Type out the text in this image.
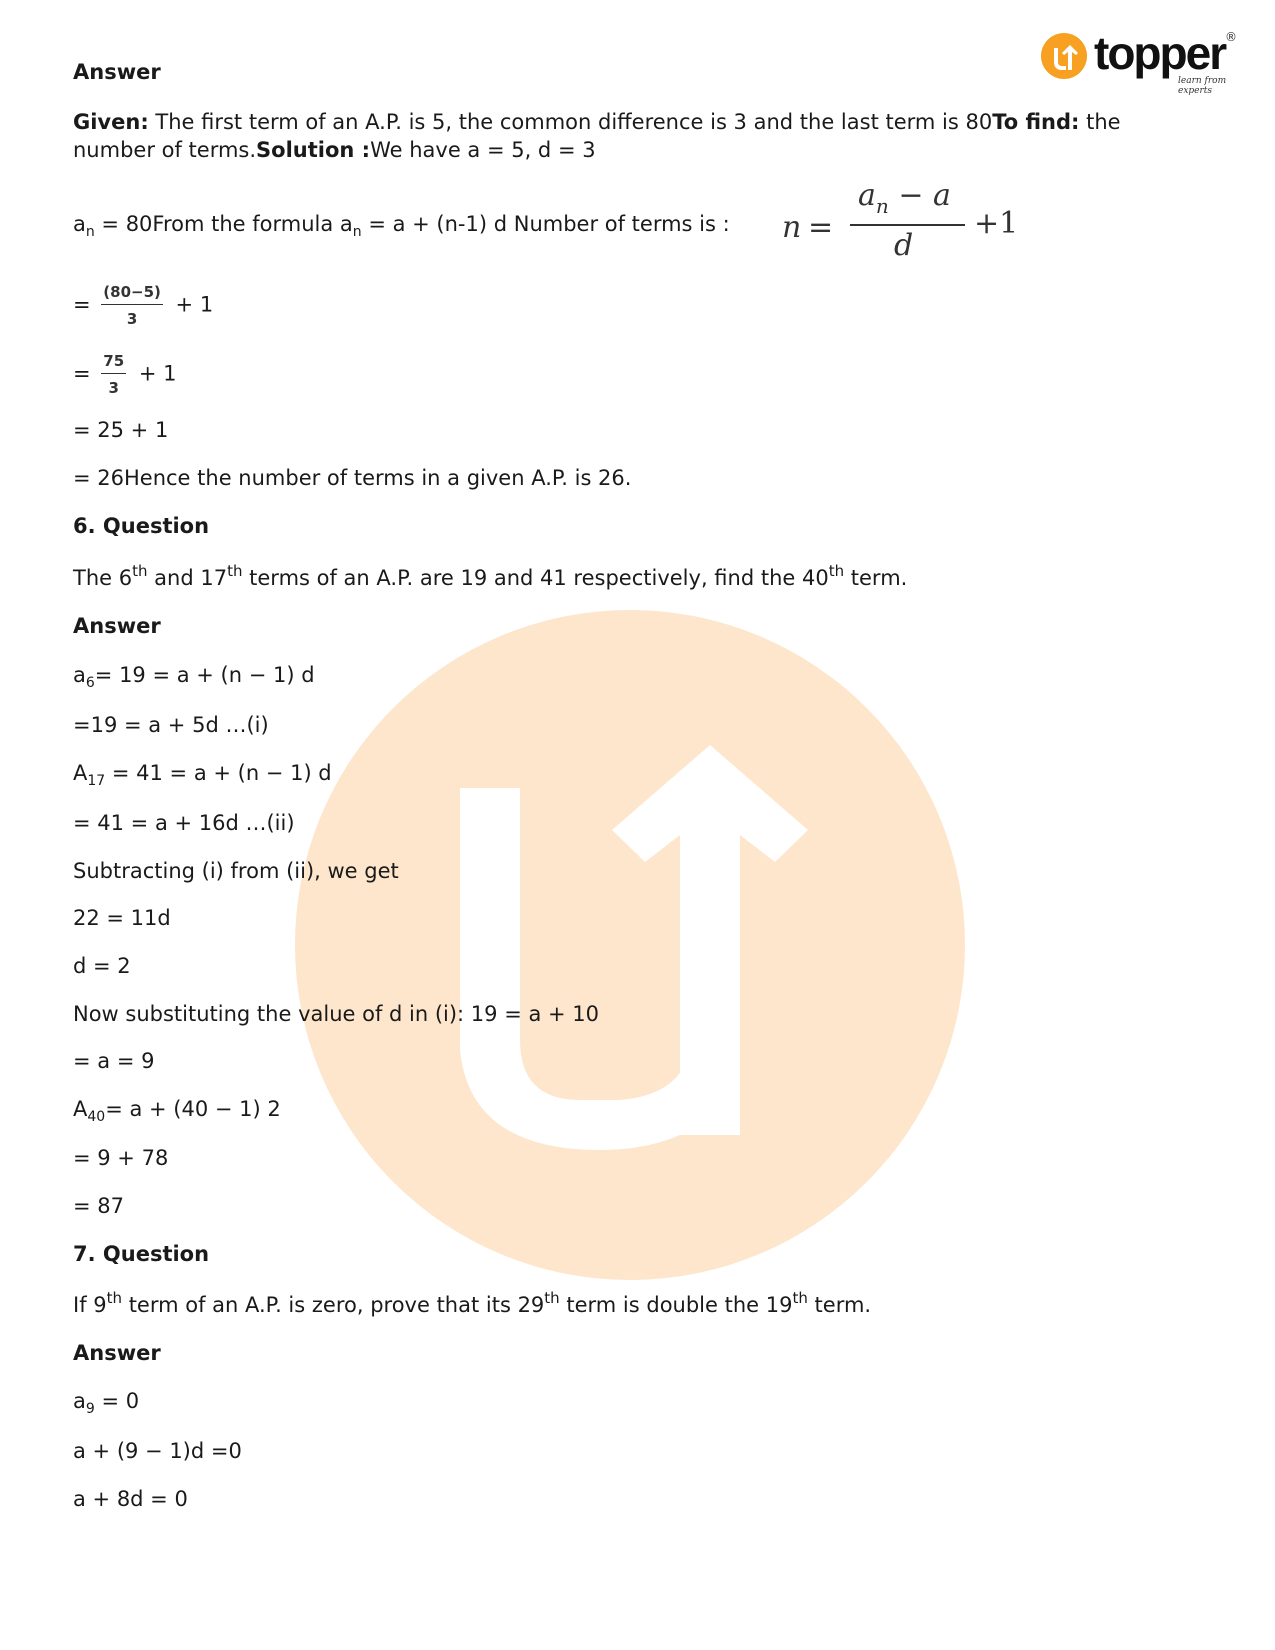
topper
learn from experts
®
Answer
Given: The first term of an A.P. is 5, the common difference is 3 and the last term is 80To find: the
number of terms.Solution :We have a = 5, d = 3
$a_n$ = 80From the formula $a_n = a + (n-1)$ d Number of terms is : n =
$a_n - a$
d
+1
= $\frac{(80-5)}{3} + 1$
= $\frac{75}{3} + 1$
= 25 + 1
= 26Hence the number of terms in a given A.P. is 26.
6. Question
The 6th and 17th terms of an A.P. are 19 and 41 respectively, find the 40th term.
Answer
$a_6= 19 = a + (n - 1)$ d
=19 = a + 5d …(i)
$A_{17} = 41 = a + (n - 1)$ d
= 41 = a + 16d …(ii)
Subtracting (i) from (ii), we get
22 = 11d
d = 2
Now substituting the value of d in (i): 19 = a + 10
= a = 9
$A_{40}= a + (40 - 1)$ 2
= 9 + 78
= 87
7. Question
If 9th term of an A.P. is zero, prove that its 29th term is double the 19th term.
Answer
$a_9 = 0$
a + (9 − 1)d =0
a + 8d = 0
